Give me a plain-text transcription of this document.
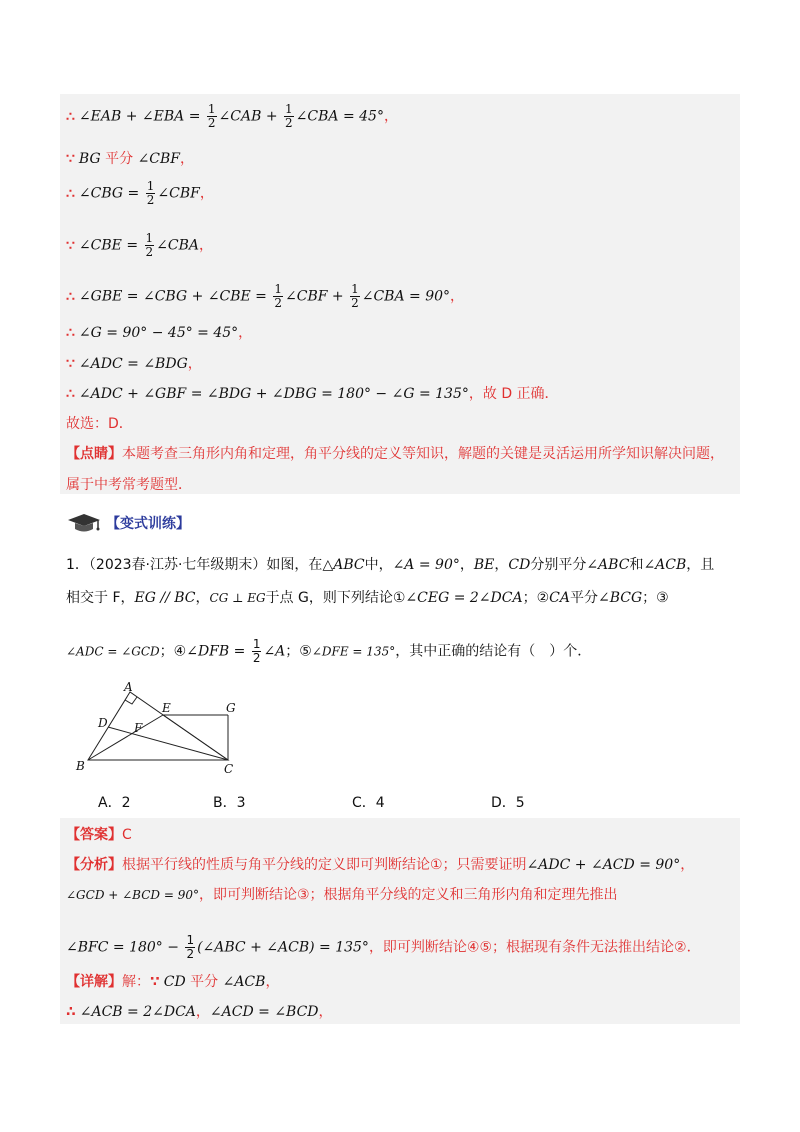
∴ ∠EAB + ∠EBA = $\frac{1}{2}$ ∠CAB + $\frac{1}{2}$ ∠CBA = 45°，
∵ BG 平分 ∠CBF，
∴ ∠CBG = $\frac{1}{2}$ ∠CBF，
∵ ∠CBE = $\frac{1}{2}$ ∠CBA，
∴ ∠GBE = ∠CBG + ∠CBE = $\frac{1}{2}$ ∠CBF + $\frac{1}{2}$ ∠CBA = 90°，
∴ ∠G = 90° − 45° = 45°，
∵ ∠ADC = ∠BDG，
∴ ∠ADC + ∠GBF = ∠BDG + ∠DBG = 180° − ∠G = 135°，故 D 正确．
故选：D．
【点睛】本题考查三角形内角和定理，角平分线的定义等知识，解题的关键是灵活运用所学知识解决问题，
属于中考常考题型．
【变式训练】
1．（2023春·江苏·七年级期末）如图，在△ABC中，∠A = 90°，BE，CD分别平分∠ABC和∠ACB，且
相交于 F，EG // BC，CG ⊥ EG于点 G，则下列结论①∠CEG = 2∠DCA；②CA平分∠BCG；③
∠ADC = ∠GCD；④∠DFB = $\frac{1}{2}$ ∠A；⑤∠DFE = 135°，其中正确的结论有（　）个．
A
B	C
D
E
F
G
A．2	B．3	C．4	D．5
【答案】C
【分析】根据平行线的性质与角平分线的定义即可判断结论①；只需要证明∠ADC + ∠ACD = 90°，
∠GCD + ∠BCD = 90°，即可判断结论③；根据角平分线的定义和三角形内角和定理先推出
∠BFC = $180^\circ - \frac{1}{2}$ (∠ABC + ∠ACB) = 135°，即可判断结论④⑤；根据现有条件无法推出结论②．
【详解】解：∵ CD 平分 ∠ACB，
∴ ∠ACB = 2∠DCA，∠ACD = ∠BCD，
